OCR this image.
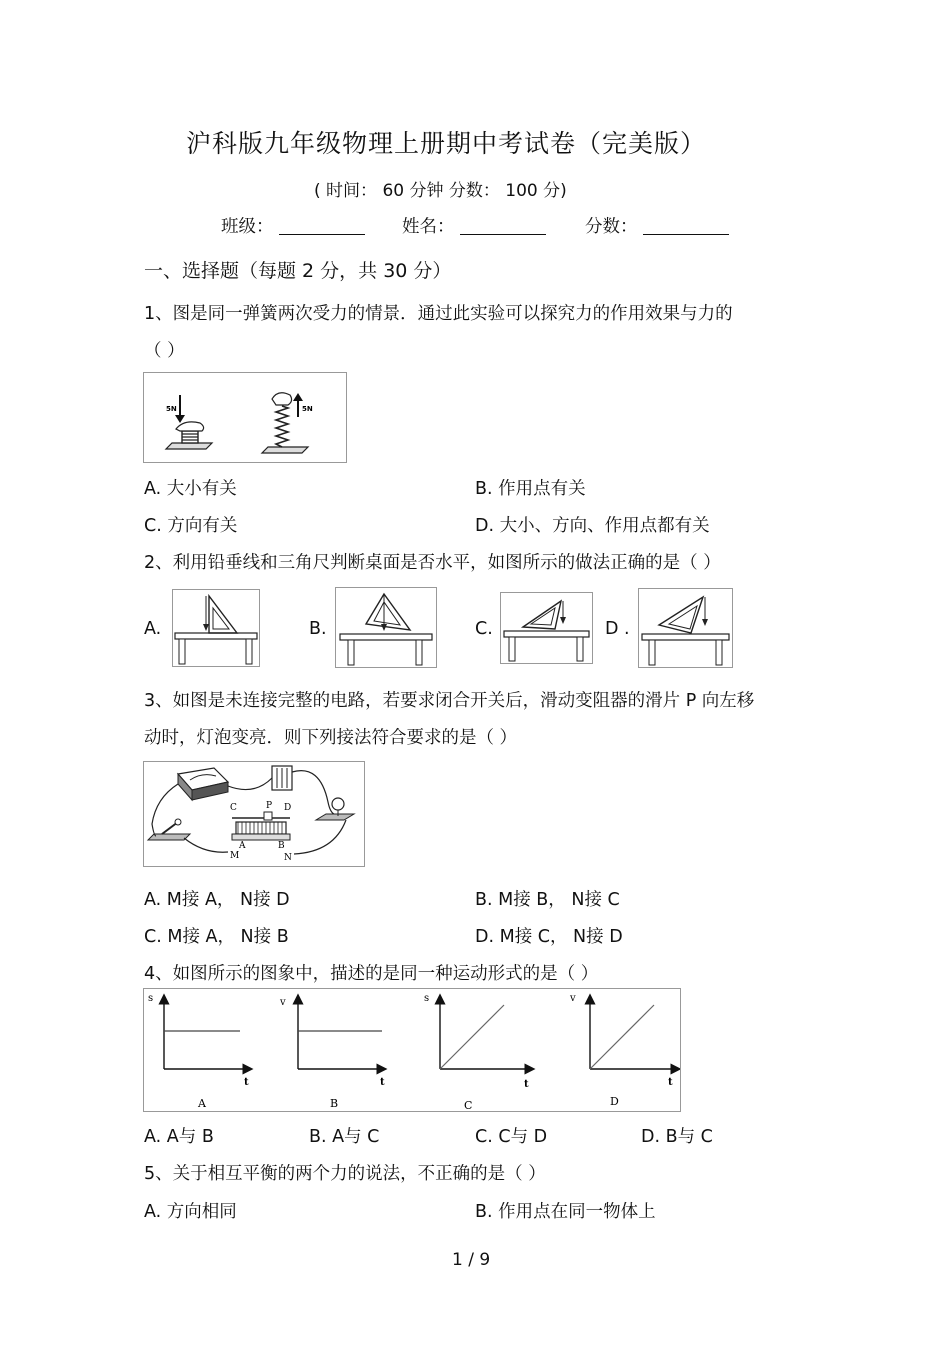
沪科版九年级物理上册期中考试卷（完美版）
( 时间： 60 分钟 分数： 100 分)
班级：	姓名：	分数：
一、选择题（每题 2 分，共 30 分）
1、图是同一弹簧两次受力的情景．通过此实验可以探究力的作用效果与力的
（ ）
5N	5N
A. 大小有关	B. 作用点有关
C. 方向有关	D. 大小、方向、作用点都有关
2、利用铅垂线和三角尺判断桌面是否水平，如图所示的做法正确的是（ ）
A.	B.	C.	D .
3、如图是未连接完整的电路，若要求闭合开关后，滑动变阻器的滑片 P 向左移
动时，灯泡变亮．则下列接法符合要求的是（ ）
C	P D
A	B
M	N
A. M接 A， N接 D	B. M接 B， N接 C
C. M接 A， N接 B	D. M接 C， N接 D
4、如图所示的图象中，描述的是同一种运动形式的是（ ）
s
t
A
v
t
B
s
t
C
v
t
D
A. A与 B	B. A与 C	C. C与 D	D. B与 C
5、关于相互平衡的两个力的说法，不正确的是（ ）
A. 方向相同	B. 作用点在同一物体上
1 / 9
